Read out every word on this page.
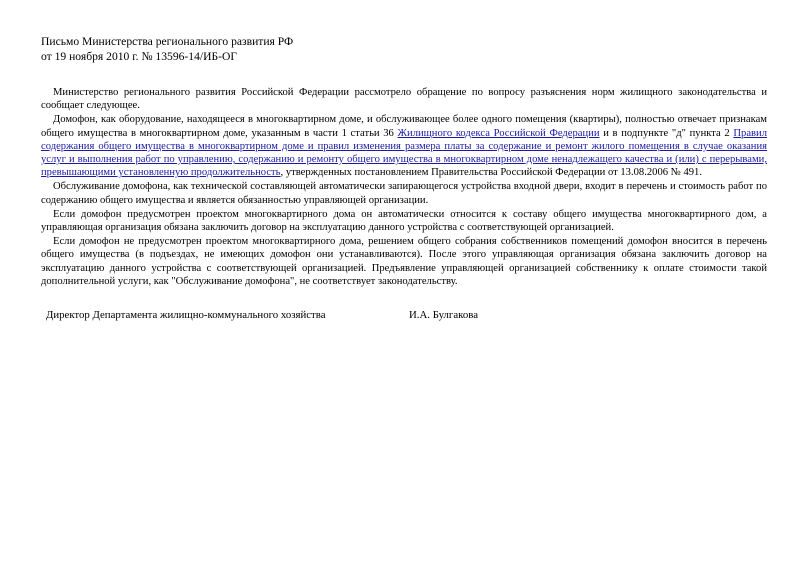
Письмо Министерства регионального развития РФ
от 19 ноября 2010 г. № 13596-14/ИБ-ОГ

Министерство регионального развития Российской Федерации рассмотрело обращение по вопросу разъяснения норм жилищного законодательства и сообщает следующее.

Домофон, как оборудование, находящееся в многоквартирном доме, и обслуживающее более одного помещения (квартиры), полностью отвечает признакам общего имущества в многоквартирном доме, указанным в части 1 статьи 36 Жилищного кодекса Российской Федерации и в подпункте "д" пункта 2 Правил содержания общего имущества в многоквартирном доме и правил изменения размера платы за содержание и ремонт жилого помещения в случае оказания услуг и выполнения работ по управлению, содержанию и ремонту общего имущества в многоквартирном доме ненадлежащего качества и (или) с перерывами, превышающими установленную продолжительность, утвержденных постановлением Правительства Российской Федерации от 13.08.2006 № 491.

Обслуживание домофона, как технической составляющей автоматически запирающегося устройства входной двери, входит в перечень и стоимость работ по содержанию общего имущества и является обязанностью управляющей организации.

Если домофон предусмотрен проектом многоквартирного дома он автоматически относится к составу общего имущества многоквартирного дом, а управляющая организация обязана заключить договор на эксплуатацию данного устройства с соответствующей организацией.

Если домофон не предусмотрен проектом многоквартирного дома, решением общего собрания собственников помещений домофон вносится в перечень общего имущества (в подъездах, не имеющих домофон они устанавливаются). После этого управляющая организация обязана заключить договор на эксплуатацию данного устройства с соответствующей организацией. Предъявление управляющей организацией собственнику к оплате стоимости такой дополнительной услуги, как "Обслуживание домофона", не соответствует законодательству.

Директор Департамента жилищно-коммунального хозяйства	И.А. Булгакова
